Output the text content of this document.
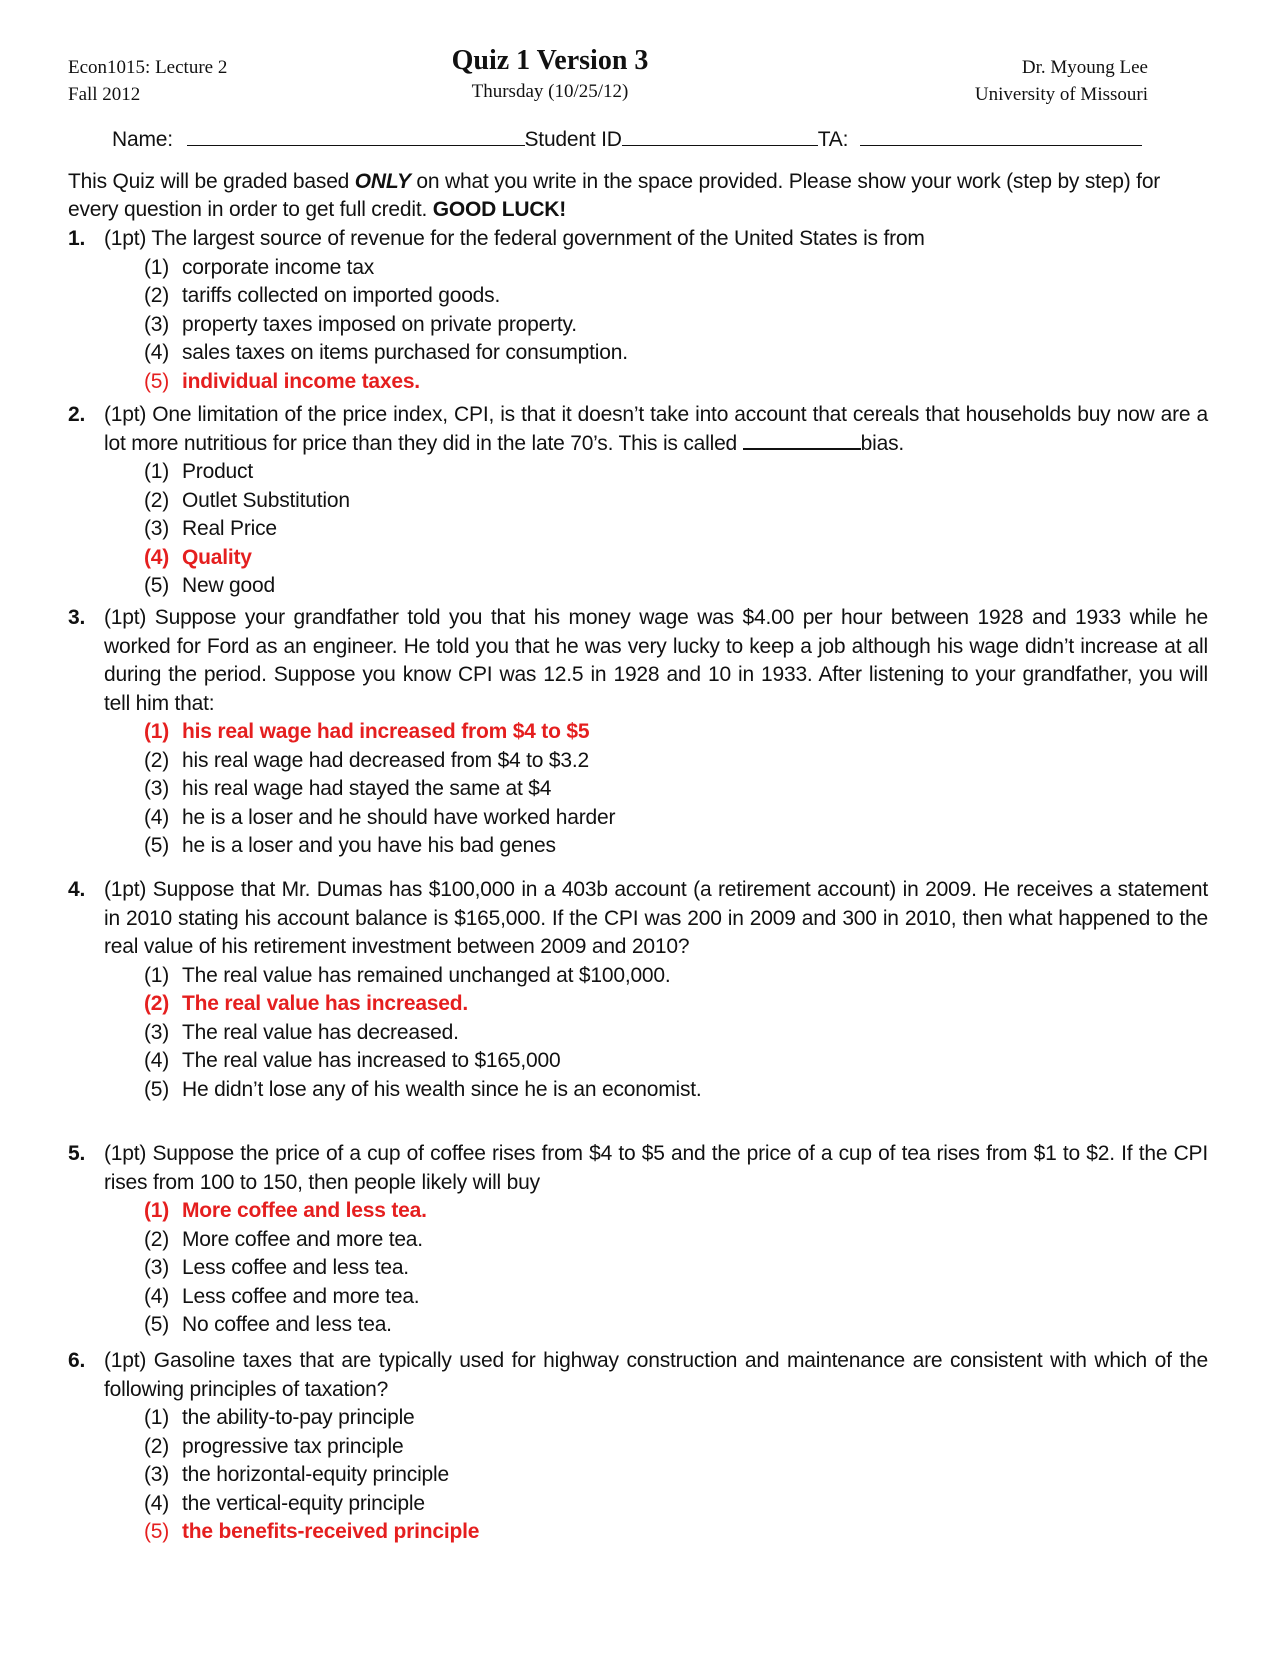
Econ1015: Lecture 2
Fall 2012
Quiz 1 Version 3
Thursday (10/25/12)
Dr. Myoung Lee
University of Missouri
Name:	Student ID	TA:
This Quiz will be graded based ONLY on what you write in the space provided. Please show your work (step by step) for every question in order to get full credit. GOOD LUCK!
1. (1pt) The largest source of revenue for the federal government of the United States is from
(1) corporate income tax
(2) tariffs collected on imported goods.
(3) property taxes imposed on private property.
(4) sales taxes on items purchased for consumption.
(5) individual income taxes.
2. (1pt) One limitation of the price index, CPI, is that it doesn’t take into account that cereals that households buy now are a lot more nutritious for price than they did in the late 70’s. This is called	bias.
(1) Product
(2) Outlet Substitution
(3) Real Price
(4) Quality
(5) New good
3. (1pt) Suppose your grandfather told you that his money wage was $4.00 per hour between 1928 and 1933 while he worked for Ford as an engineer. He told you that he was very lucky to keep a job although his wage didn’t increase at all during the period. Suppose you know CPI was 12.5 in 1928 and 10 in 1933. After listening to your grandfather, you will tell him that:
(1) his real wage had increased from $4 to $5
(2) his real wage had decreased from $4 to $3.2
(3) his real wage had stayed the same at $4
(4) he is a loser and he should have worked harder
(5) he is a loser and you have his bad genes
4. (1pt) Suppose that Mr. Dumas has $100,000 in a 403b account (a retirement account) in 2009. He receives a statement in 2010 stating his account balance is $165,000. If the CPI was 200 in 2009 and 300 in 2010, then what happened to the real value of his retirement investment between 2009 and 2010?
(1) The real value has remained unchanged at $100,000.
(2) The real value has increased.
(3) The real value has decreased.
(4) The real value has increased to $165,000
(5) He didn’t lose any of his wealth since he is an economist.
5. (1pt) Suppose the price of a cup of coffee rises from $4 to $5 and the price of a cup of tea rises from $1 to $2. If the CPI rises from 100 to 150, then people likely will buy
(1) More coffee and less tea.
(2) More coffee and more tea.
(3) Less coffee and less tea.
(4) Less coffee and more tea.
(5) No coffee and less tea.
6. (1pt) Gasoline taxes that are typically used for highway construction and maintenance are consistent with which of the following principles of taxation?
(1) the ability-to-pay principle
(2) progressive tax principle
(3) the horizontal-equity principle
(4) the vertical-equity principle
(5) the benefits-received principle
